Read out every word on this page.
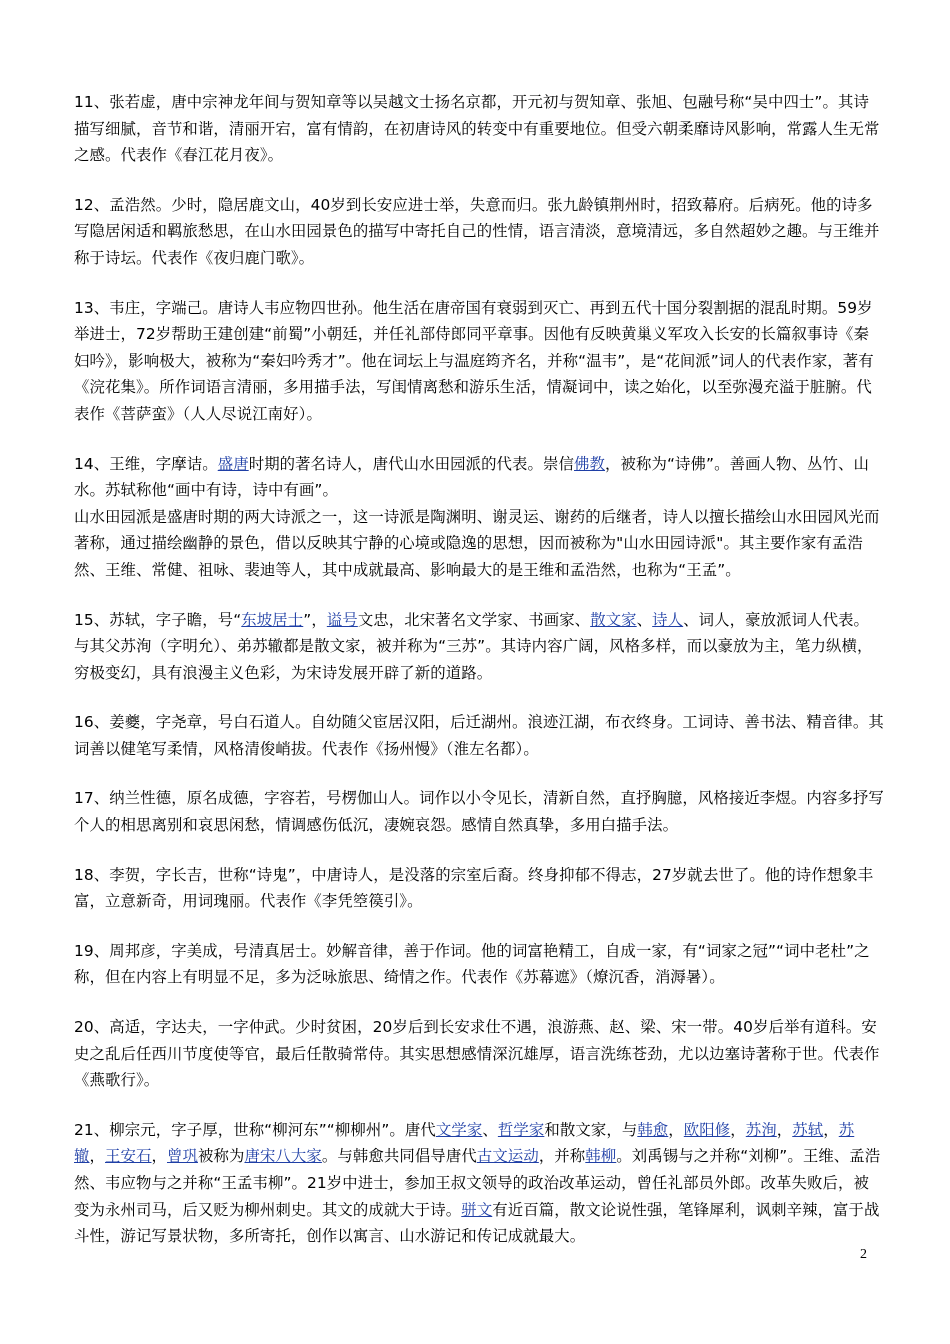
11、张若虚，唐中宗神龙年间与贺知章等以吴越文士扬名京都，开元初与贺知章、张旭、包融号称“吴中四士”。其诗描写细腻，音节和谐，清丽开宕，富有情韵，在初唐诗风的转变中有重要地位。但受六朝柔靡诗风影响，常露人生无常之感。代表作《春江花月夜》。

12、孟浩然。少时，隐居鹿文山，40岁到长安应进士举，失意而归。张九龄镇荆州时，招致幕府。后病死。他的诗多写隐居闲适和羁旅愁思，在山水田园景色的描写中寄托自己的性情，语言清淡，意境清远，多自然超妙之趣。与王维并称于诗坛。代表作《夜归鹿门歌》。

13、韦庄，字端己。唐诗人韦应物四世孙。他生活在唐帝国有衰弱到灭亡、再到五代十国分裂割据的混乱时期。59岁举进士，72岁帮助王建创建“前蜀”小朝廷，并任礼部侍郎同平章事。因他有反映黄巢义军攻入长安的长篇叙事诗《秦妇吟》，影响极大，被称为“秦妇吟秀才”。他在词坛上与温庭筠齐名，并称“温韦”，是“花间派”词人的代表作家，著有《浣花集》。所作词语言清丽，多用描手法，写闺情离愁和游乐生活，情凝词中，读之始化，以至弥漫充溢于脏腑。代表作《菩萨蛮》（人人尽说江南好）。

14、王维，字摩诘。盛唐时期的著名诗人，唐代山水田园派的代表。崇信佛教，被称为“诗佛”。善画人物、丛竹、山水。苏轼称他“画中有诗，诗中有画”。

山水田园派是盛唐时期的两大诗派之一，这一诗派是陶渊明、谢灵运、谢药的后继者，诗人以擅长描绘山水田园风光而著称，通过描绘幽静的景色，借以反映其宁静的心境或隐逸的思想，因而被称为"山水田园诗派"。其主要作家有孟浩然、王维、常健、祖咏、裴迪等人，其中成就最高、影响最大的是王维和孟浩然，也称为“王孟”。

15、苏轼，字子瞻，号“东坡居士”，谥号文忠，北宋著名文学家、书画家、散文家、诗人、词人，豪放派词人代表。与其父苏洵（字明允）、弟苏辙都是散文家，被并称为“三苏”。其诗内容广阔，风格多样，而以豪放为主，笔力纵横，穷极变幻，具有浪漫主义色彩，为宋诗发展开辟了新的道路。

16、姜夔，字尧章，号白石道人。自幼随父宦居汉阳，后迁湖州。浪迹江湖，布衣终身。工词诗、善书法、精音律。其词善以健笔写柔情，风格清俊峭拔。代表作《扬州慢》（淮左名都）。

17、纳兰性德，原名成德，字容若，号楞伽山人。词作以小令见长，清新自然，直抒胸臆，风格接近李煜。内容多抒写个人的相思离别和哀思闲愁，情调感伤低沉，凄婉哀怨。感情自然真挚，多用白描手法。

18、李贺，字长吉，世称“诗鬼”，中唐诗人，是没落的宗室后裔。终身抑郁不得志，27岁就去世了。他的诗作想象丰富，立意新奇，用词瑰丽。代表作《李凭箜篌引》。

19、周邦彦，字美成，号清真居士。妙解音律，善于作词。他的词富艳精工，自成一家，有“词家之冠”“词中老杜”之称，但在内容上有明显不足，多为泛咏旅思、绮情之作。代表作《苏幕遮》（燎沉香，消溽暑）。

20、高适，字达夫，一字仲武。少时贫困，20岁后到长安求仕不遇，浪游燕、赵、梁、宋一带。40岁后举有道科。安史之乱后任西川节度使等官，最后任散骑常侍。其实思想感情深沉雄厚，语言洗练苍劲，尤以边塞诗著称于世。代表作《燕歌行》。

21、柳宗元，字子厚，世称“柳河东”“柳柳州”。唐代文学家、哲学家和散文家，与韩愈，欧阳修，苏洵，苏轼，苏辙，王安石，曾巩被称为唐宋八大家。与韩愈共同倡导唐代古文运动，并称韩柳。刘禹锡与之并称“刘柳”。王维、孟浩然、韦应物与之并称“王孟韦柳”。21岁中进士，参加王叔文领导的政治改革运动，曾任礼部员外郎。改革失败后，被变为永州司马，后又贬为柳州刺史。其文的成就大于诗。骈文有近百篇，散文论说性强，笔锋犀利，讽刺辛辣，富于战斗性，游记写景状物，多所寄托，创作以寓言、山水游记和传记成就最大。

2
